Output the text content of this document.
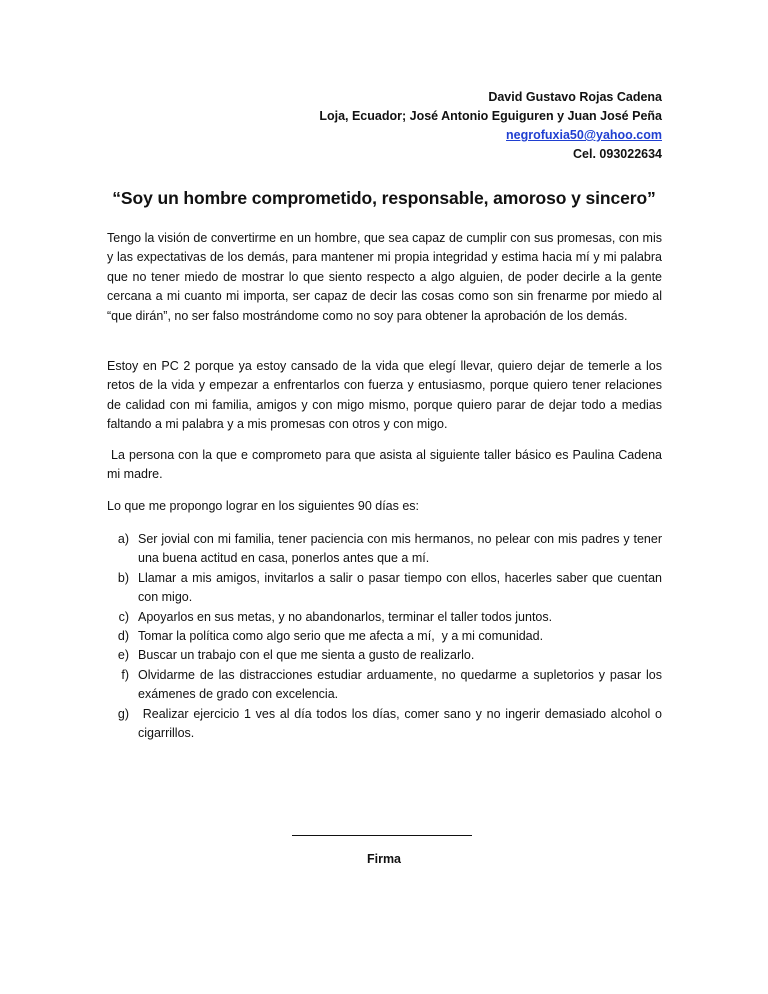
David Gustavo Rojas Cadena
Loja, Ecuador; José Antonio Eguiguren y Juan José Peña
negrofuxia50@yahoo.com
Cel. 093022634
“Soy un hombre comprometido, responsable, amoroso y sincero”
Tengo la visión de convertirme en un hombre, que sea capaz de cumplir con sus promesas, con mis y las expectativas de los demás, para mantener mi propia integridad y estima hacia mí y mi palabra que no tener miedo de mostrar lo que siento respecto a algo alguien, de poder decirle a la gente cercana a mi cuanto mi importa, ser capaz de decir las cosas como son sin frenarme por miedo al “que dirán”, no ser falso mostrándome como no soy para obtener la aprobación de los demás.
Estoy en PC 2 porque ya estoy cansado de la vida que elegí llevar, quiero dejar de temerle a los retos de la vida y empezar a enfrentarlos con fuerza y entusiasmo, porque quiero tener relaciones de calidad con mi familia, amigos y con migo mismo, porque quiero parar de dejar todo a medias faltando a mi palabra y a mis promesas con otros y con migo.
La persona con la que e comprometo para que asista al siguiente taller básico es Paulina Cadena mi madre.
Lo que me propongo lograr en los siguientes 90 días es:
a) Ser jovial con mi familia, tener paciencia con mis hermanos, no pelear con mis padres y tener una buena actitud en casa, ponerlos antes que a mí.
b) Llamar a mis amigos, invitarlos a salir o pasar tiempo con ellos, hacerles saber que cuentan con migo.
c) Apoyarlos en sus metas, y no abandonarlos, terminar el taller todos juntos.
d) Tomar la política como algo serio que me afecta a mí,  y a mi comunidad.
e) Buscar un trabajo con el que me sienta a gusto de realizarlo.
f) Olvidarme de las distracciones estudiar arduamente, no quedarme a supletorios y pasar los exámenes de grado con excelencia.
g) Realizar ejercicio 1 ves al día todos los días, comer sano y no ingerir demasiado alcohol o cigarrillos.
Firma
